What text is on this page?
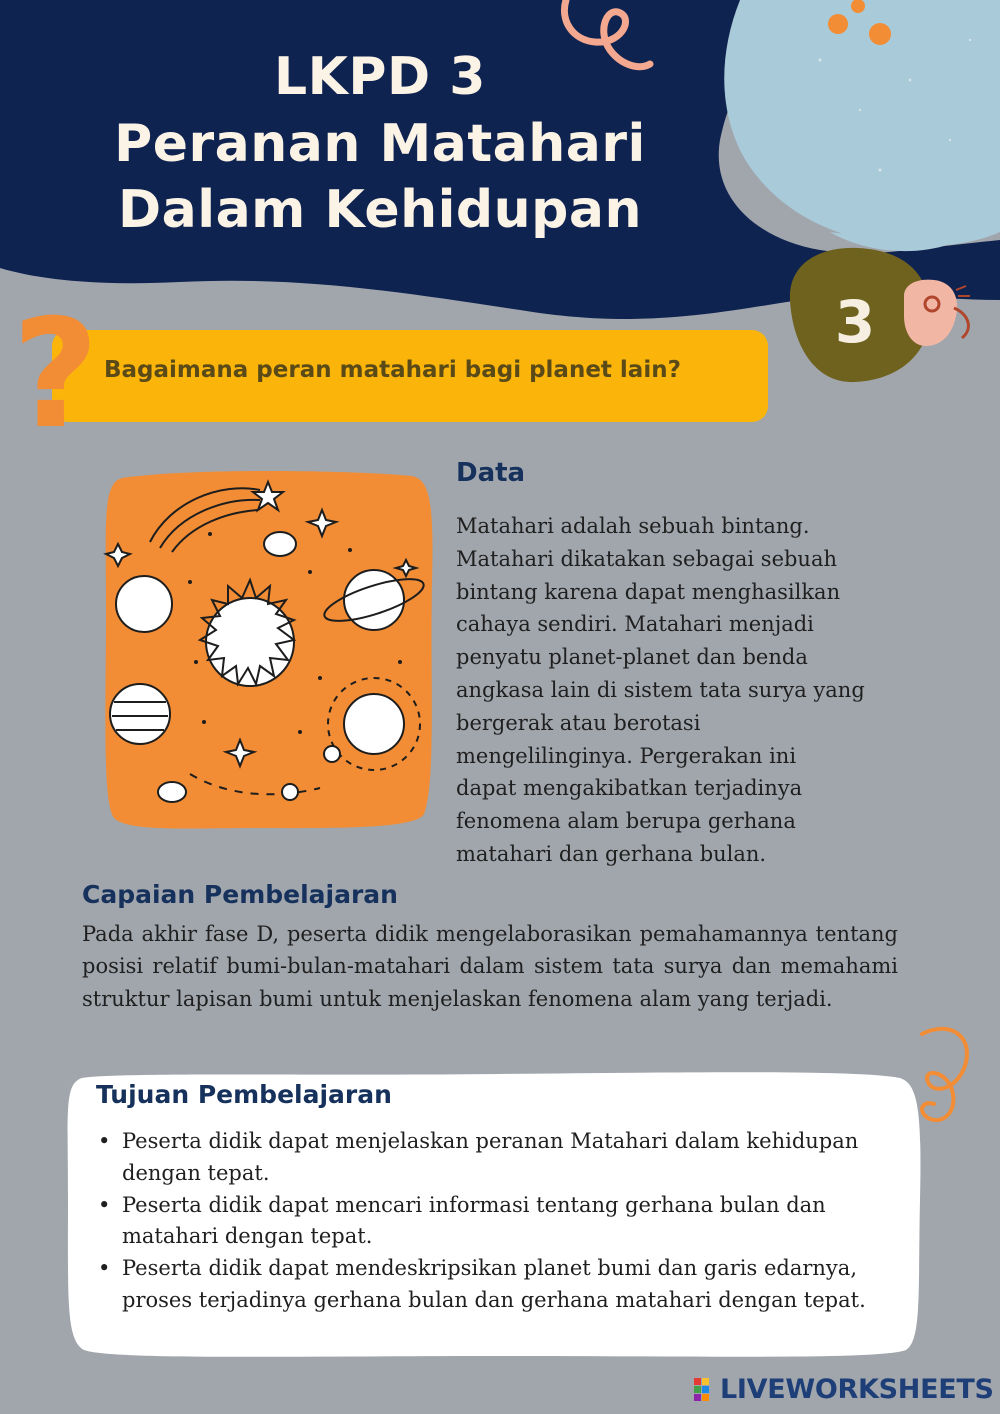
LKPD 3
Peranan Matahari
Dalam Kehidupan
3
? Bagaimana peran matahari bagi planet lain?
Data
Matahari adalah sebuah bintang.
Matahari dikatakan sebagai sebuah
bintang karena dapat menghasilkan
cahaya sendiri. Matahari menjadi
penyatu planet-planet dan benda
angkasa lain di sistem tata surya yang
bergerak atau berotasi
mengelilinginya. Pergerakan ini
dapat mengakibatkan terjadinya
fenomena alam berupa gerhana
matahari dan gerhana bulan.
Capaian Pembelajaran
Pada akhir fase D, peserta didik mengelaborasikan pemahamannya tentang posisi relatif bumi-bulan-matahari dalam sistem tata surya dan memahami struktur lapisan bumi untuk menjelaskan fenomena alam yang terjadi.
Tujuan Pembelajaran
• Peserta didik dapat menjelaskan peranan Matahari dalam kehidupan dengan tepat.
• Peserta didik dapat mencari informasi tentang gerhana bulan dan matahari dengan tepat.
• Peserta didik dapat mendeskripsikan planet bumi dan garis edarnya, proses terjadinya gerhana bulan dan gerhana matahari dengan tepat.
LIVEWORKSHEETS
